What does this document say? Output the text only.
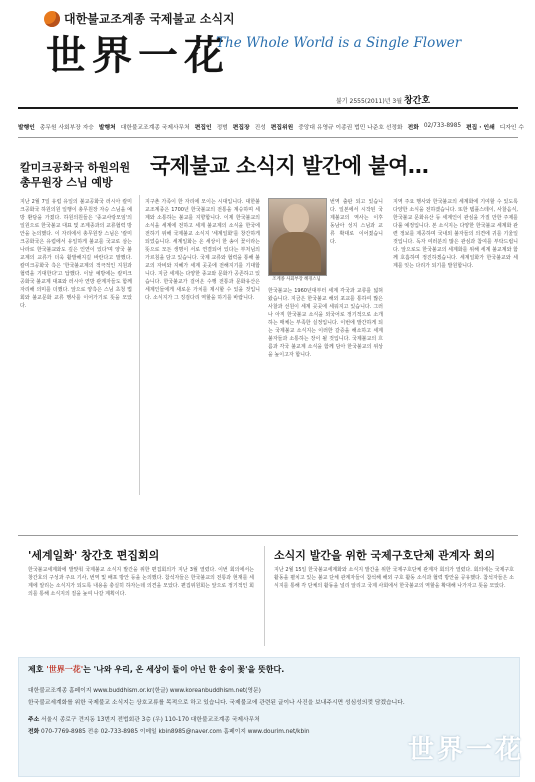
대한불교조계종 국제불교 소식지
世界一花
The Whole World is a Single Flower
불기 2555(2011)년 3월 창간호
발행인 총무원 사회부장 자승 발행처 대한불교조계종 국제사무처 편집인 정범 편집장 진성 편집위원 중앙대 유영규 이종권 법민 나준호 선정화 전화 02/733-8985 편집 · 인쇄 디자인 수
국제불교 소식지 발간에 붙여…
칼미크공화국 하원의원 총무원장 스님 예방
지난 2월 7일 유럽 유일의 불교공화국 러시아 칼미크공화국 하원의원 일행이 총무원장 자승 스님을 예방 환담을 가졌다. 하원의원들은 '종교사랑모임'의 일원으로 한국불교 대표 및 조계종과의 교류협력 방안을 논의했다. 이 자리에서 총무원장 스님은 '칼미크공화국은 유럽에서 유일하게 불교를 국교로 삼는 나라로 한국불교와도 깊은 인연이 있다'며 양국 불교계의 교류가 더욱 활발해지길 바란다고 말했다. 칼미크공화국 측은 '한국불교계의 적극적인 지원과 협력을 기대한다'고 답했다. 이날 예방에는 칼미크공화국 불교계 대표와 러시아 연방 관계자들도 함께 자리해 의미를 더했다. 앞으로 양측은 스님 초청 법회와 불교문화 교류 행사를 이어가기로 뜻을 모았다.
지구촌 가족이 한 자리에 모이는 시대입니다. 대한불교조계종은 1700년 한국불교의 전통을 계승하며 세계와 소통하는 불교를 지향합니다. 이제 한국불교의 소식을 세계에 전하고 세계 불교계의 소식을 한국에 전하기 위해 국제불교 소식지 '세계일화'를 창간하게 되었습니다. 세계일화는 온 세상이 한 송이 꽃이라는 뜻으로 모든 생명이 서로 연결되어 있다는 부처님의 가르침을 담고 있습니다. 국제 교류와 협력을 통해 불교의 자비와 지혜가 세계 곳곳에 전해지기를 기대합니다. 지금 세계는 다양한 종교와 문화가 공존하고 있습니다. 한국불교가 걸어온 수행 전통과 문화유산은 세계인들에게 새로운 가치를 제시할 수 있을 것입니다. 소식지가 그 징검다리 역할을 하기를 바랍니다.
조계종 사회부장 혜경스님
번역 출판 되고 있습니다. 일본에서 시작된 국제불교의 역사는 이후 동남아 성지 스님과 교류 확대로 이어졌습니다.
한국불교는 1960년대부터 세계 각국과 교류를 넓혀 왔습니다. 지금은 한국불교 해외 포교를 통하여 많은 사찰과 선원이 세계 곳곳에 세워지고 있습니다. 그러나 아직 한국불교 소식을 외국어로 정기적으로 소개하는 매체는 부족한 실정입니다. 이번에 발간하게 되는 국제불교 소식지는 이러한 갈증을 해소하고 세계 불자들과 소통하는 장이 될 것입니다. 국제불교의 흐름과 각국 불교계 소식을 함께 담아 한국불교의 위상을 높이고자 합니다.
지역 주요 행사와 한국불교의 세계화에 기여할 수 있도록 다양한 소식을 전하겠습니다. 또한 템플스테이, 사찰음식, 한국불교 문화유산 등 세계인이 관심을 가질 만한 주제를 다룰 예정입니다. 본 소식지는 다양한 한국불교 세계화 관련 정보를 제공하며 국내외 불자들의 의견에 귀를 기울일 것입니다. 독자 여러분의 많은 관심과 참여를 부탁드립니다. 앞으로도 한국불교의 세계화를 위해 세계 불교계와 함께 호흡하며 정진하겠습니다. 세계일화가 한국불교와 세계를 잇는 다리가 되기를 발원합니다.
'세계일화' 창간호 편집회의
한국불교세계화에 발맞춰 국제불교 소식지 발간을 위한 편집회의가 지난 3월 열렸다. 이번 회의에서는 창간호의 구성과 주요 기사, 번역 및 배포 방안 등을 논의했다. 참석자들은 한국불교의 전통과 현재를 세계에 알리는 소식지가 되도록 내용을 충실히 하자는데 의견을 모았다. 편집위원회는 앞으로 정기적인 회의를 통해 소식지의 질을 높여 나갈 계획이다.
소식지 발간을 위한 국제구호단체 관계자 회의
지난 2월 15일 한국불교세계화와 소식지 발간을 위한 국제구호단체 관계자 회의가 열렸다. 회의에는 국제구호활동을 펼치고 있는 불교 단체 관계자들이 참석해 해외 구호 활동 소식과 협력 방안을 공유했다. 참석자들은 소식지를 통해 각 단체의 활동을 널리 알리고 국제 사회에서 한국불교의 역할을 확대해 나가자고 뜻을 모았다.
제호 '世界一花'는 '나와 우리, 온 세상이 둘이 아닌 한 송이 꽃'을 뜻한다.
대한불교조계종 홈페이지 www.buddhism.or.kr(한글) www.koreanbuddhism.net(영문)
한국불교세계화를 위한 국제불교 소식지는 상호교류를 목적으로 하고 있습니다. 국제불교에 관련된 글이나 사진을 보내주시면 성심성의껏 담겠습니다.
주소 서울시 종로구 견지동 13번지 전법회관 3층 (우) 110-170 대한불교조계종 국제사무처
전화 070-7769-8985 전송 02-733-8985 이메일 kbin8985@naver.com 홈페이지 www.dourim.net/kbin
世界一花
